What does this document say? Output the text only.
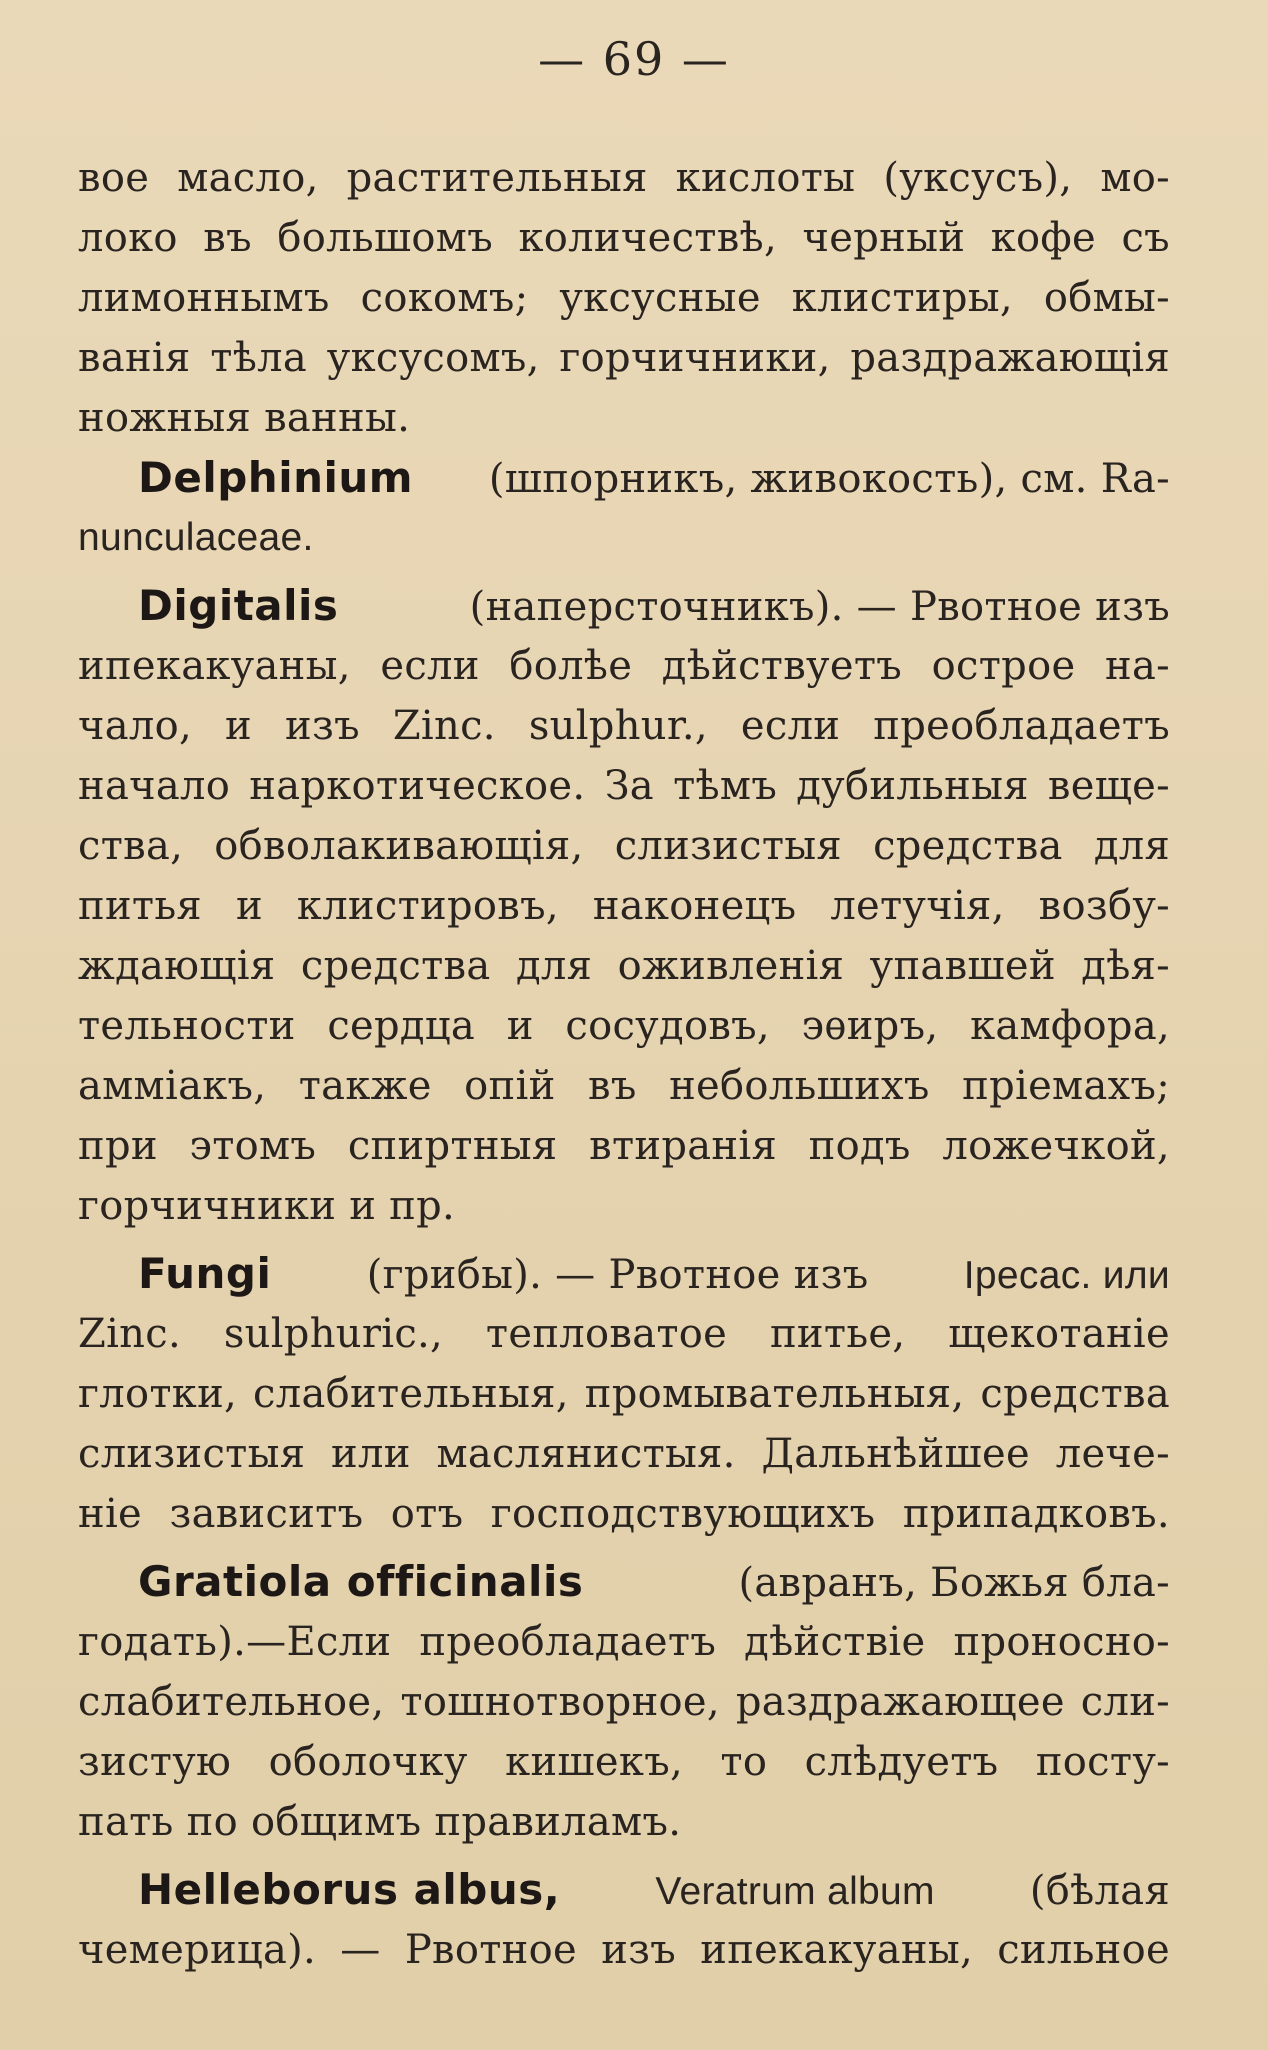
— 69 —
вое масло, растительныя кислоты (уксусъ), мо-
локо въ большомъ количествѣ, черный кофе съ
лимоннымъ сокомъ; уксусные клистиры, обмы-
ванія тѣла уксусомъ, горчичники, раздражающія
ножныя ванны.
Delphinium (шпорникъ, живокость), см. Ra-
nunculaceae.
Digitalis	(наперсточникъ). — Рвотное изъ
ипекакуаны, если болѣе дѣйствуетъ острое на-
чало, и изъ Zinc. sulphur., если преобладаетъ
начало наркотическое. За тѣмъ дубильныя веще-
ства, обволакивающія, слизистыя средства для
питья и клистировъ, наконецъ летучія, возбу-
ждающія средства для оживленія упавшей дѣя-
тельности сердца и сосудовъ, эѳиръ, камфора,
амміакъ, также опій въ небольшихъ пріемахъ;
при этомъ спиртныя втиранія подъ ложечкой,
горчичники и пр.
Fungi (грибы). — Рвотное изъ Ipecac. или
Zinc. sulphuric., тепловатое питье, щекотаніе
глотки, слабительныя, промывательныя, средства
слизистыя или маслянистыя. Дальнѣйшее лече-
ніе зависитъ отъ господствующихъ припадковъ.
Gratiola officinalis	(авранъ, Божья бла-
годать).—Если преобладаетъ дѣйствіе проносно-
слабительное, тошнотворное, раздражающее сли-
зистую оболочку кишекъ, то слѣдуетъ посту-
пать по общимъ правиламъ.
Helleborus albus, Veratrum album (бѣлая
чемерица). — Рвотное изъ ипекакуаны, сильное
